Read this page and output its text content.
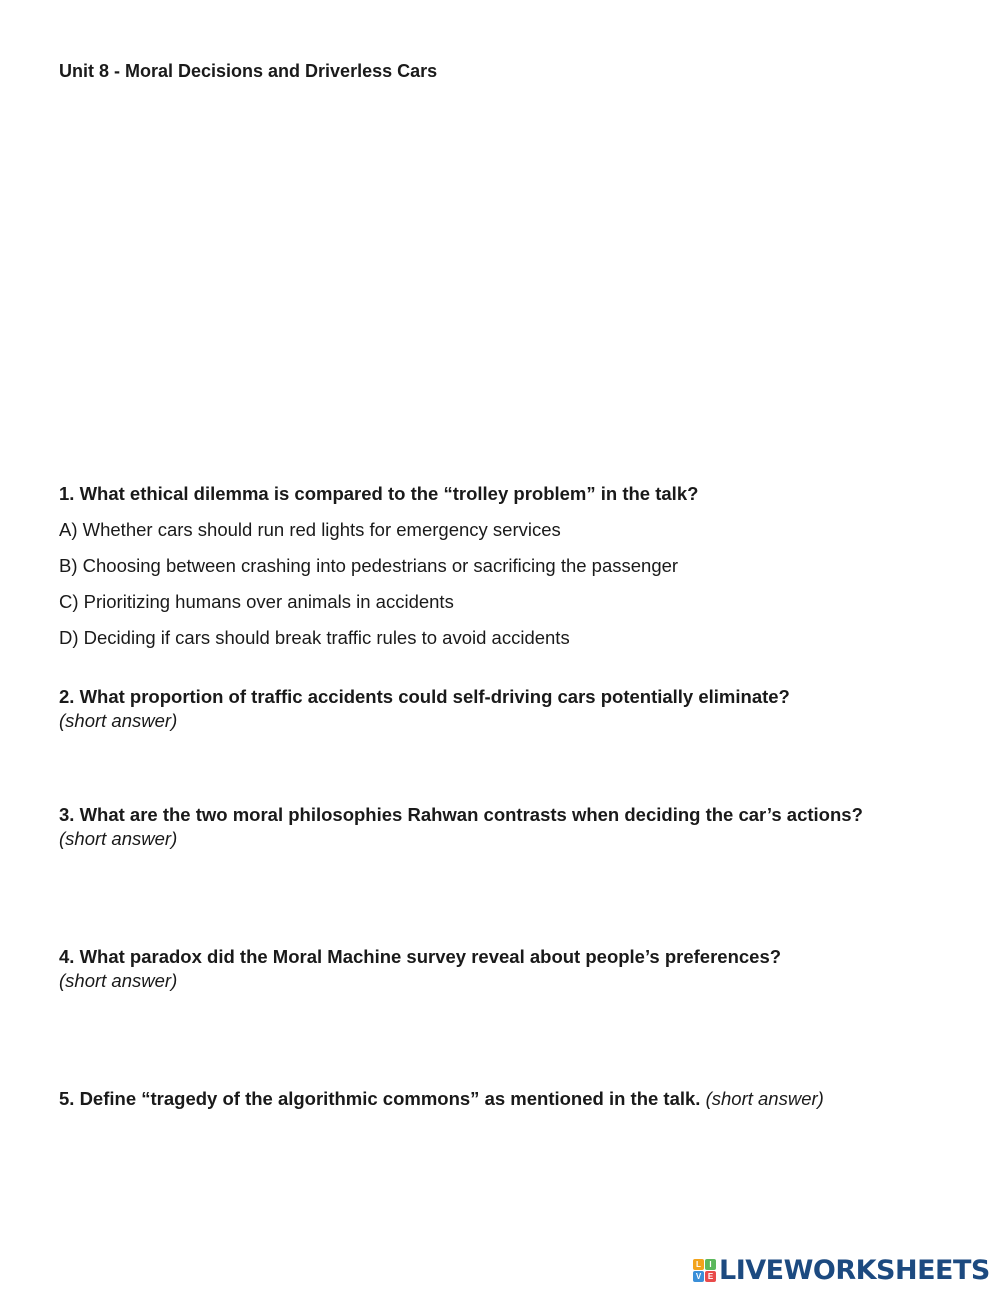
Unit 8 - Moral Decisions and Driverless Cars
1. What ethical dilemma is compared to the “trolley problem” in the talk?
A) Whether cars should run red lights for emergency services
B) Choosing between crashing into pedestrians or sacrificing the passenger
C) Prioritizing humans over animals in accidents
D) Deciding if cars should break traffic rules to avoid accidents
2. What proportion of traffic accidents could self-driving cars potentially eliminate?
(short answer)
3. What are the two moral philosophies Rahwan contrasts when deciding the car’s actions?
(short answer)
4. What paradox did the Moral Machine survey reveal about people’s preferences?
(short answer)
5. Define “tragedy of the algorithmic commons” as mentioned in the talk. (short answer)
L	I
V E LIVEWORKSHEETS
